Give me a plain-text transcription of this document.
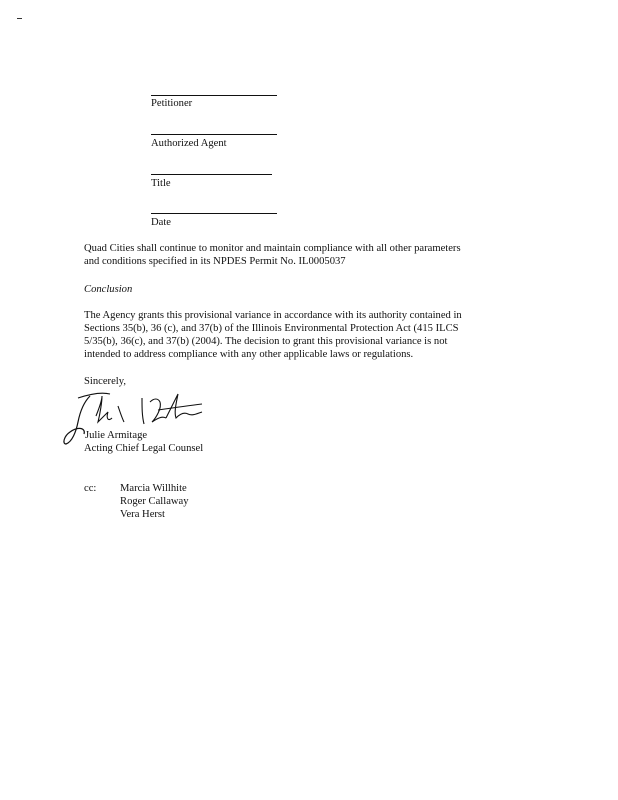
Petitioner
Authorized Agent
Title
Date
Quad Cities shall continue to monitor and maintain compliance with all other parameters
and conditions specified in its NPDES Permit No. IL0005037
Conclusion
The Agency grants this provisional variance in accordance with its authority contained in
Sections 35(b), 36 (c), and 37(b) of the Illinois Environmental Protection Act (415 ILCS
5/35(b), 36(c), and 37(b) (2004). The decision to grant this provisional variance is not
intended to address compliance with any other applicable laws or regulations.
Sincerely,
Julie Armitage
Acting Chief Legal Counsel
cc: Marcia Willhite
Roger Callaway
Vera Herst
